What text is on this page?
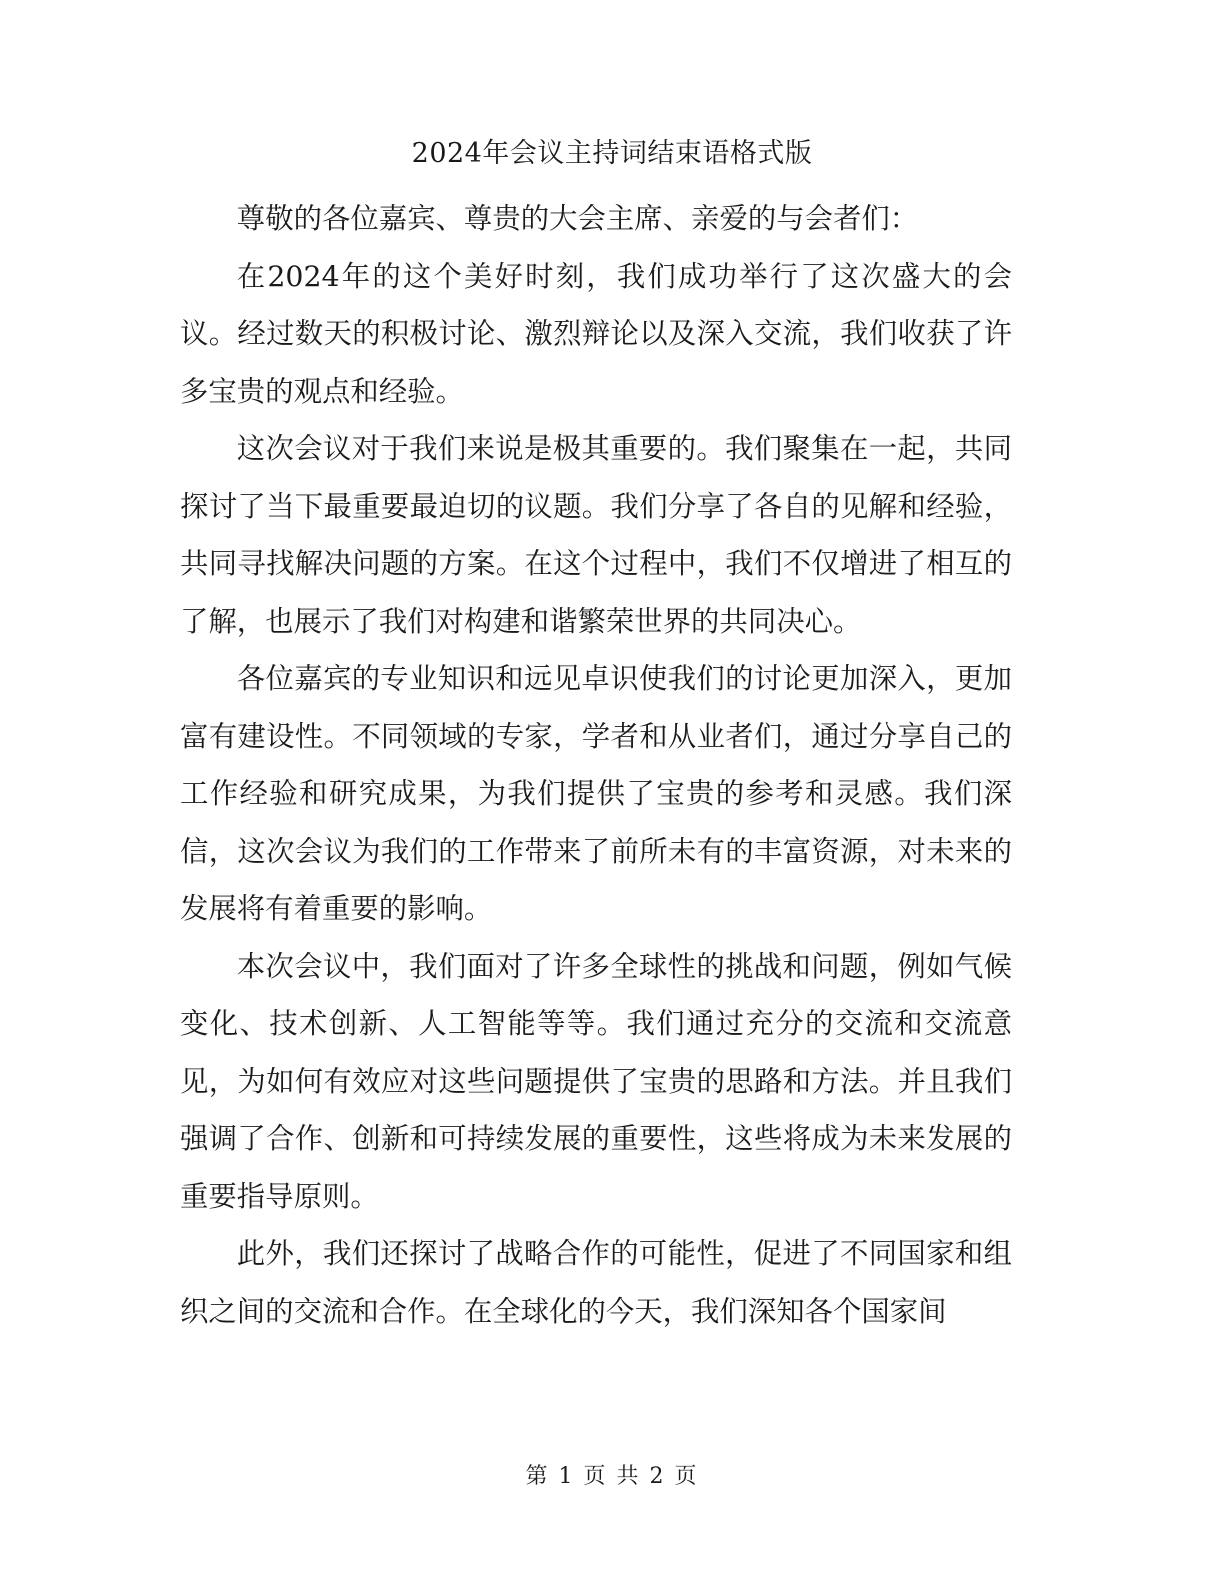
2024年会议主持词结束语格式版

尊敬的各位嘉宾、尊贵的大会主席、亲爱的与会者们：

在2024年的这个美好时刻，我们成功举行了这次盛大的会议。经过数天的积极讨论、激烈辩论以及深入交流，我们收获了许多宝贵的观点和经验。

这次会议对于我们来说是极其重要的。我们聚集在一起，共同探讨了当下最重要最迫切的议题。我们分享了各自的见解和经验，共同寻找解决问题的方案。在这个过程中，我们不仅增进了相互的了解，也展示了我们对构建和谐繁荣世界的共同决心。

各位嘉宾的专业知识和远见卓识使我们的讨论更加深入，更加富有建设性。不同领域的专家，学者和从业者们，通过分享自己的工作经验和研究成果，为我们提供了宝贵的参考和灵感。我们深信，这次会议为我们的工作带来了前所未有的丰富资源，对未来的发展将有着重要的影响。

本次会议中，我们面对了许多全球性的挑战和问题，例如气候变化、技术创新、人工智能等等。我们通过充分的交流和交流意见，为如何有效应对这些问题提供了宝贵的思路和方法。并且我们强调了合作、创新和可持续发展的重要性，这些将成为未来发展的重要指导原则。

此外，我们还探讨了战略合作的可能性，促进了不同国家和组织之间的交流和合作。在全球化的今天，我们深知各个国家间

第 1 页 共 2 页
